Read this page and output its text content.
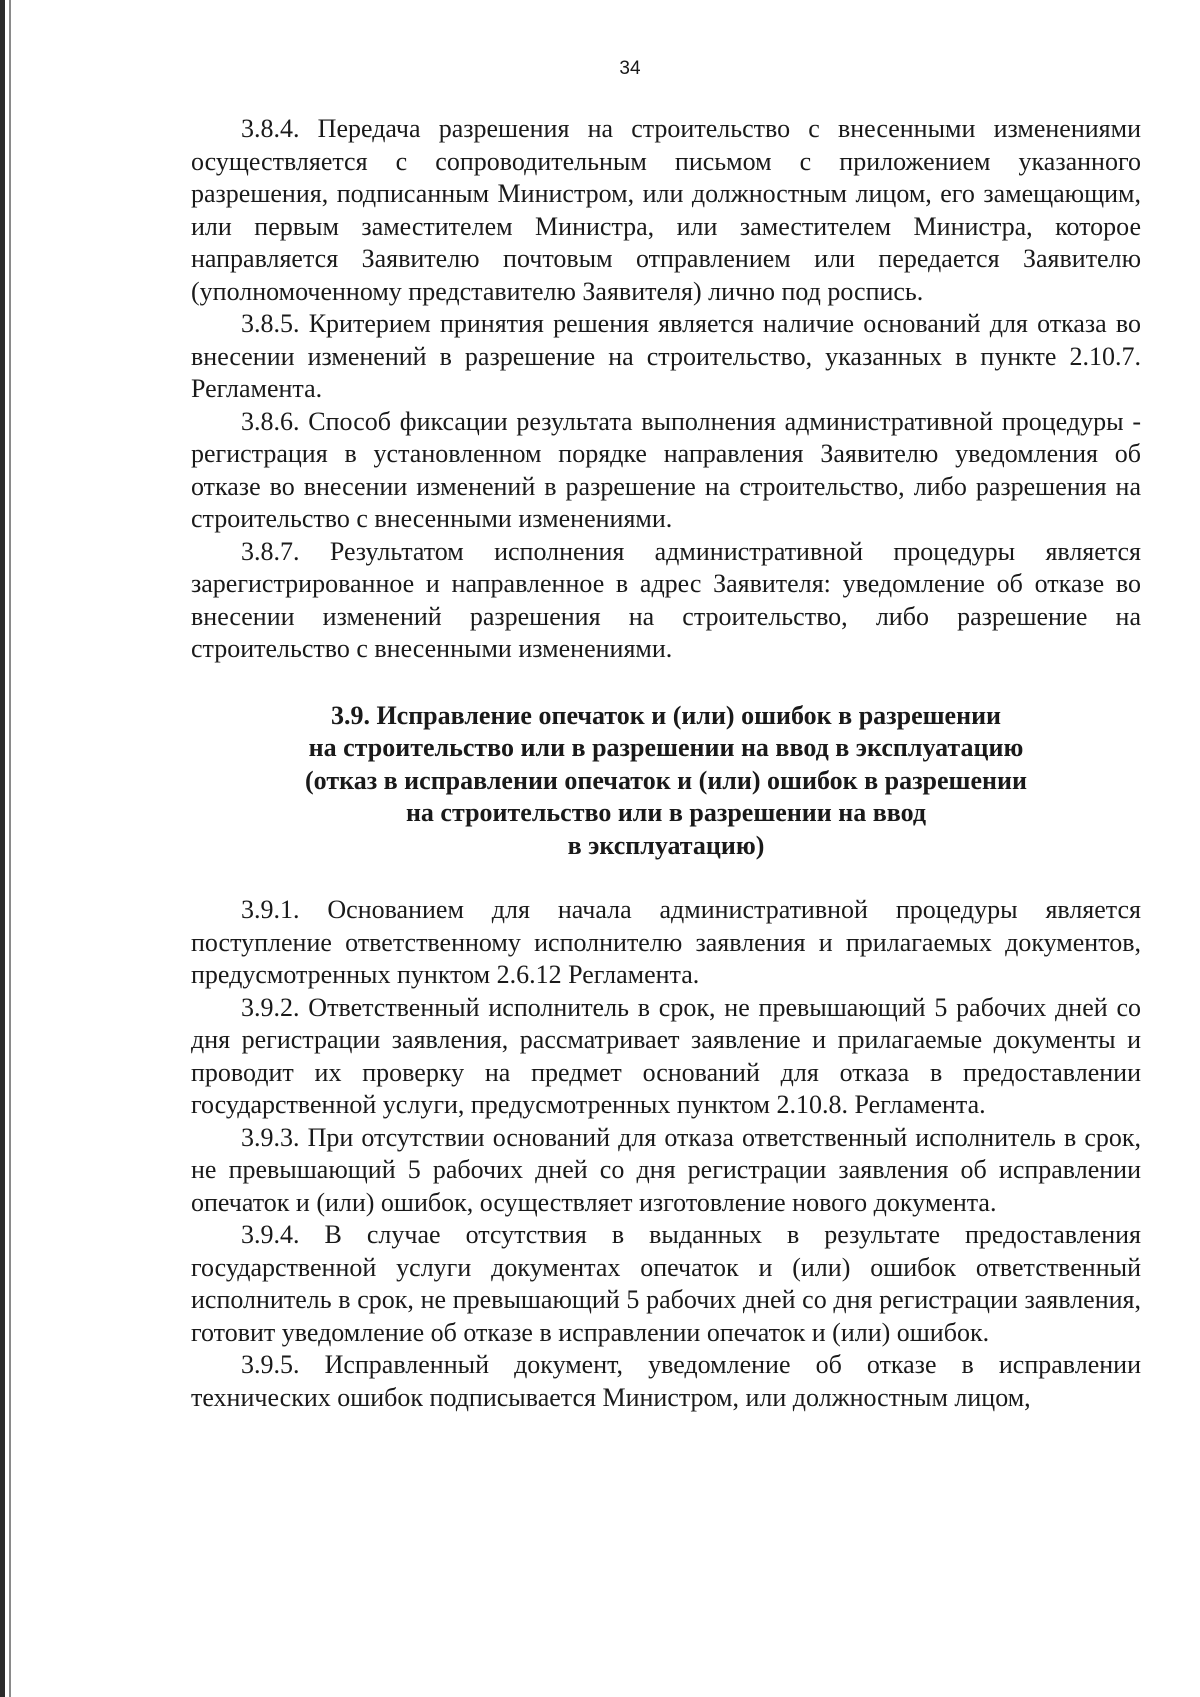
34

3.8.4. Передача разрешения на строительство с внесенными изменениями осуществляется с сопроводительным письмом с приложением указанного разрешения, подписанным Министром, или должностным лицом, его замещающим, или первым заместителем Министра, или заместителем Министра, которое направляется Заявителю почтовым отправлением или передается Заявителю (уполномоченному представителю Заявителя) лично под роспись.

3.8.5. Критерием принятия решения является наличие оснований для отказа во внесении изменений в разрешение на строительство, указанных в пункте 2.10.7. Регламента.

3.8.6. Способ фиксации результата выполнения административной процедуры - регистрация в установленном порядке направления Заявителю уведомления об отказе во внесении изменений в разрешение на строительство, либо разрешения на строительство с внесенными изменениями.

3.8.7. Результатом исполнения административной процедуры является зарегистрированное и направленное в адрес Заявителя: уведомление об отказе во внесении изменений разрешения на строительство, либо разрешение на строительство с внесенными изменениями.

3.9. Исправление опечаток и (или) ошибок в разрешении
на строительство или в разрешении на ввод в эксплуатацию
(отказ в исправлении опечаток и (или) ошибок в разрешении
на строительство или в разрешении на ввод
в эксплуатацию)

3.9.1. Основанием для начала административной процедуры является поступление ответственному исполнителю заявления и прилагаемых документов, предусмотренных пунктом 2.6.12 Регламента.

3.9.2. Ответственный исполнитель в срок, не превышающий 5 рабочих дней со дня регистрации заявления, рассматривает заявление и прилагаемые документы и проводит их проверку на предмет оснований для отказа в предоставлении государственной услуги, предусмотренных пунктом 2.10.8. Регламента.

3.9.3. При отсутствии оснований для отказа ответственный исполнитель в срок, не превышающий 5 рабочих дней со дня регистрации заявления об исправлении опечаток и (или) ошибок, осуществляет изготовление нового документа.

3.9.4. В случае отсутствия в выданных в результате предоставления государственной услуги документах опечаток и (или) ошибок ответственный исполнитель в срок, не превышающий 5 рабочих дней со дня регистрации заявления, готовит уведомление об отказе в исправлении опечаток и (или) ошибок.

3.9.5. Исправленный документ, уведомление об отказе в исправлении технических ошибок подписывается Министром, или должностным лицом,
